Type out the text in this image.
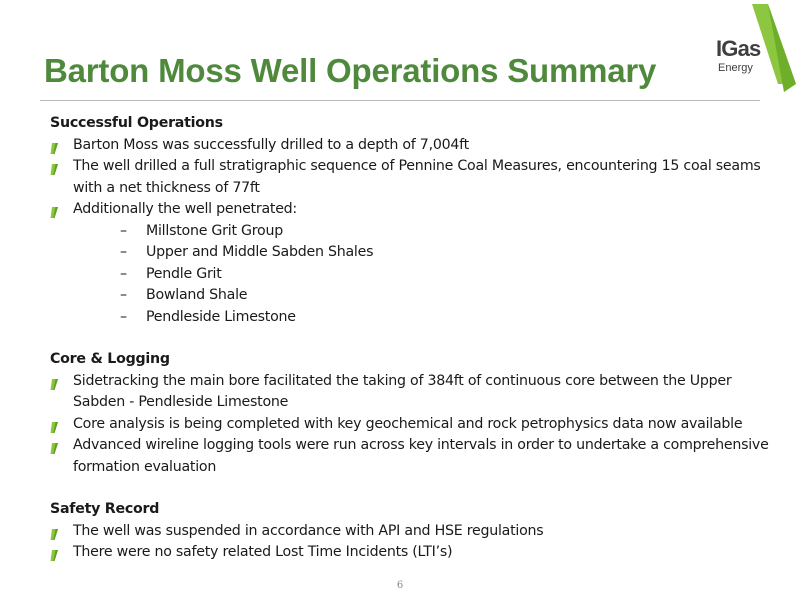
Barton Moss Well Operations Summary
IGas
Energy
Successful Operations
Barton Moss was successfully drilled to a depth of 7,004ft
The well drilled a full stratigraphic sequence of Pennine Coal Measures, encountering 15 coal seams with a net thickness of 77ft
Additionally the well penetrated:
– Millstone Grit Group
– Upper and Middle Sabden Shales
– Pendle Grit
– Bowland Shale
– Pendleside Limestone
Core & Logging
Sidetracking the main bore facilitated the taking of 384ft of continuous core between the Upper Sabden - Pendleside Limestone
Core analysis is being completed with key geochemical and rock petrophysics data now available
Advanced wireline logging tools were run across key intervals in order to undertake a comprehensive formation evaluation
Safety Record
The well was suspended in accordance with API and HSE regulations
There were no safety related Lost Time Incidents (LTI’s)
6
